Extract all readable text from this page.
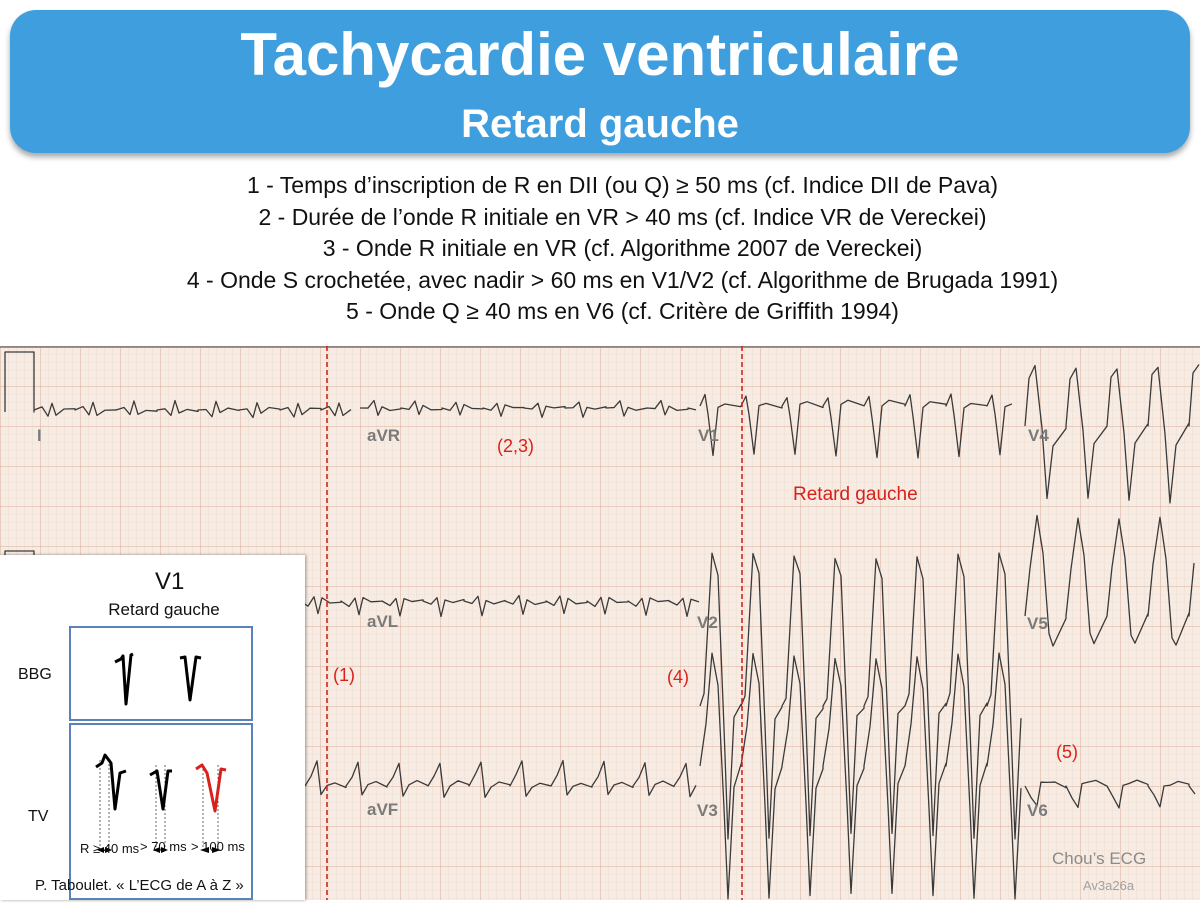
Tachycardie ventriculaire
Retard gauche
1 - Temps d’inscription de R en DII (ou Q) ≥ 50 ms (cf. Indice DII de Pava)
2 - Durée de l’onde R initiale en VR > 40 ms (cf. Indice VR de Vereckei)
3 - Onde R initiale en VR (cf. Algorithme 2007 de Vereckei)
4 - Onde S crochetée, avec nadir > 60 ms en V1/V2 (cf. Algorithme de Brugada 1991)
5 - Onde Q ≥ 40 ms en V6 (cf. Critère de Griffith 1994)
I	aVR	V1	V4
aVL	V2	V5
aVF	V3	V6
(2,3)
Retard gauche
(1)	(4)
(5)
V1
Retard gauche
BBG
TV
R ≥ 40 ms > 70 ms > 100 ms
P. Taboulet. « L’ECG de A à Z »
Chou’s ECG
Av3a26a
